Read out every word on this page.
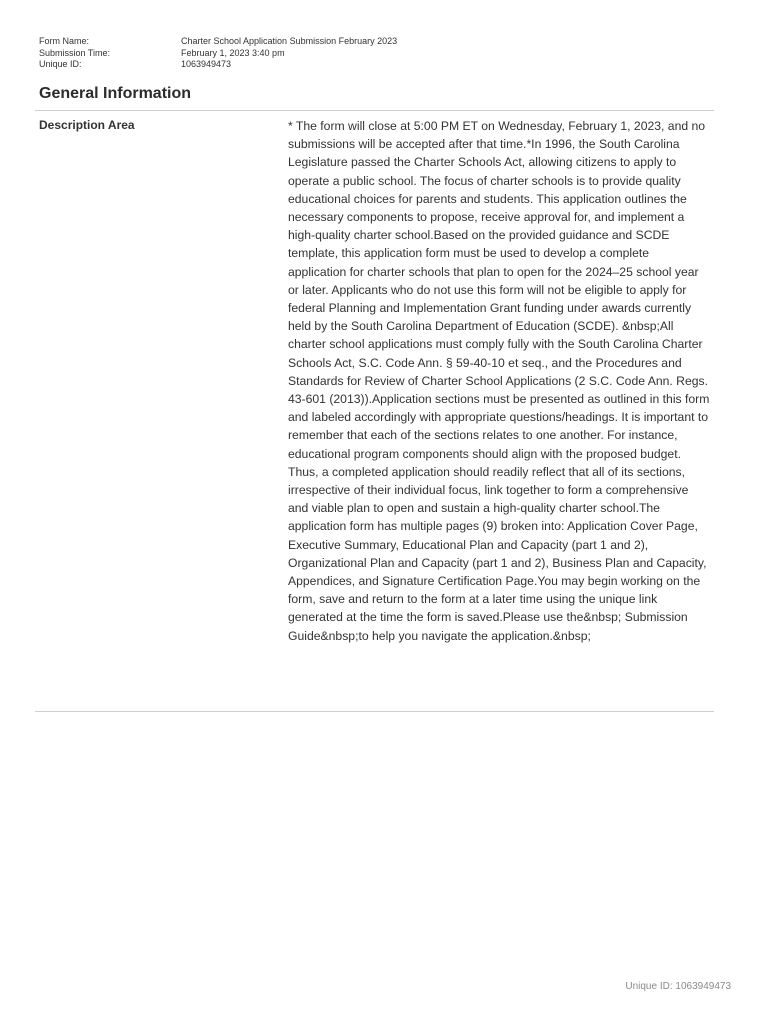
Form Name:	Charter School Application Submission February 2023
Submission Time:	February 1, 2023 3:40 pm
Unique ID:	1063949473
General Information
Description Area	* The form will close at 5:00 PM ET on Wednesday, February 1, 2023, and no submissions will be accepted after that time.*In 1996, the South Carolina Legislature passed the Charter Schools Act, allowing citizens to apply to operate a public school. The focus of charter schools is to provide quality educational choices for parents and students. This application outlines the necessary components to propose, receive approval for, and implement a high-quality charter school.Based on the provided guidance and SCDE template, this application form must be used to develop a complete application for charter schools that plan to open for the 2024–25 school year or later. Applicants who do not use this form will not be eligible to apply for federal Planning and Implementation Grant funding under awards currently held by the South Carolina Department of Education (SCDE). &nbsp;All charter school applications must comply fully with the South Carolina Charter Schools Act, S.C. Code Ann. § 59-40-10 et seq., and the Procedures and Standards for Review of Charter School Applications (2 S.C. Code Ann. Regs. 43-601 (2013)).Application sections must be presented as outlined in this form and labeled accordingly with appropriate questions/headings. It is important to remember that each of the sections relates to one another. For instance, educational program components should align with the proposed budget. Thus, a completed application should readily reflect that all of its sections, irrespective of their individual focus, link together to form a comprehensive and viable plan to open and sustain a high-quality charter school.The application form has multiple pages (9) broken into: Application Cover Page, Executive Summary, Educational Plan and Capacity (part 1 and 2), Organizational Plan and Capacity (part 1 and 2), Business Plan and Capacity, Appendices, and Signature Certification Page.You may begin working on the form, save and return to the form at a later time using the unique link generated at the time the form is saved.Please use the&nbsp; Submission Guide&nbsp;to help you navigate the application.&nbsp;

Unique ID: 1063949473
